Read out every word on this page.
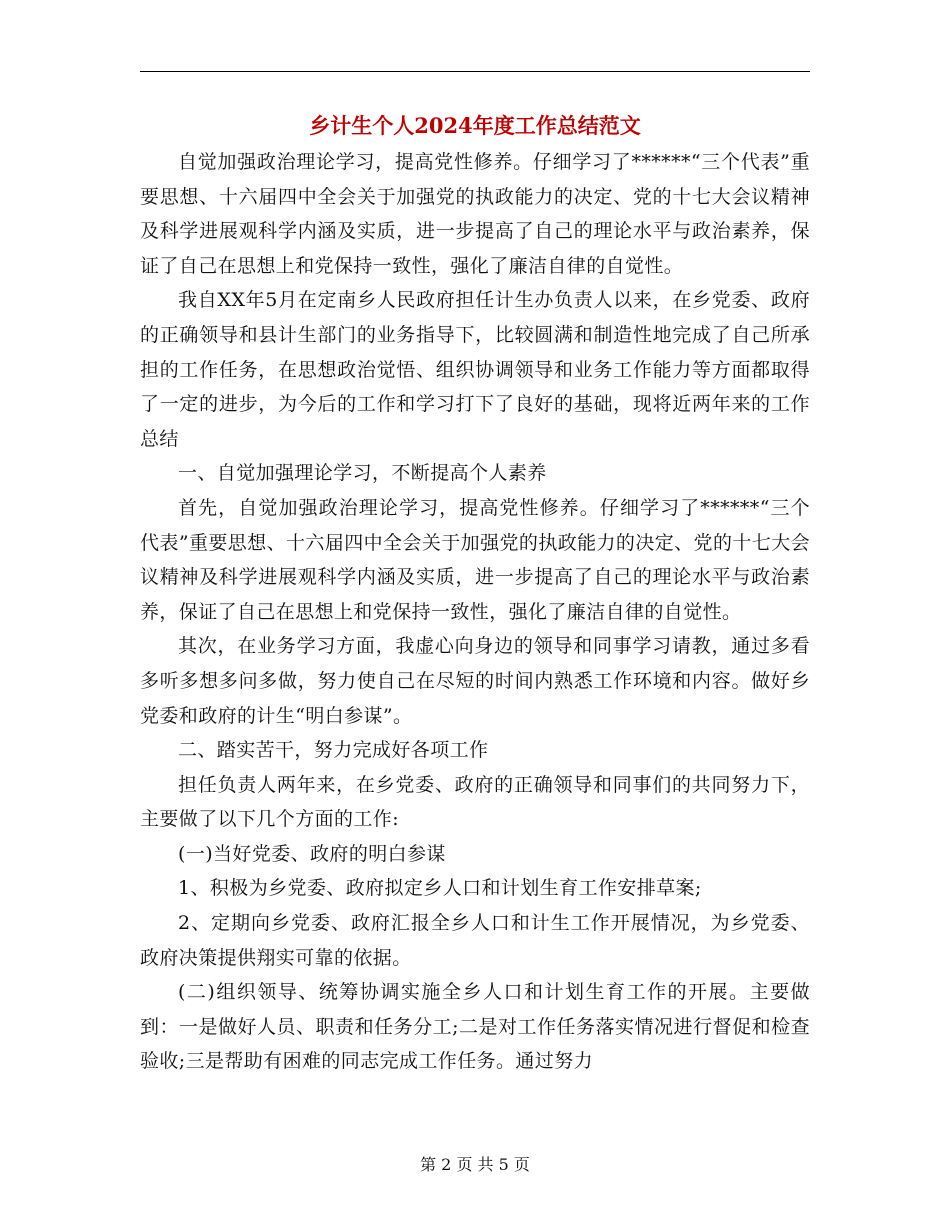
乡计生个人2024年度工作总结范文

自觉加强政治理论学习，提高党性修养。仔细学习了******“三个代表”重要思想、十六届四中全会关于加强党的执政能力的决定、党的十七大会议精神及科学进展观科学内涵及实质，进一步提高了自己的理论水平与政治素养，保证了自己在思想上和党保持一致性，强化了廉洁自律的自觉性。

我自XX年5月在定南乡人民政府担任计生办负责人以来，在乡党委、政府的正确领导和县计生部门的业务指导下，比较圆满和制造性地完成了自己所承担的工作任务，在思想政治觉悟、组织协调领导和业务工作能力等方面都取得了一定的进步，为今后的工作和学习打下了良好的基础，现将近两年来的工作总结

一、自觉加强理论学习，不断提高个人素养

首先，自觉加强政治理论学习，提高党性修养。仔细学习了******“三个代表”重要思想、十六届四中全会关于加强党的执政能力的决定、党的十七大会议精神及科学进展观科学内涵及实质，进一步提高了自己的理论水平与政治素养，保证了自己在思想上和党保持一致性，强化了廉洁自律的自觉性。

其次，在业务学习方面，我虚心向身边的领导和同事学习请教，通过多看多听多想多问多做，努力使自己在尽短的时间内熟悉工作环境和内容。做好乡党委和政府的计生“明白参谋”。

二、踏实苦干，努力完成好各项工作

担任负责人两年来，在乡党委、政府的正确领导和同事们的共同努力下，主要做了以下几个方面的工作:

(一)当好党委、政府的明白参谋

1、积极为乡党委、政府拟定乡人口和计划生育工作安排草案;

2、定期向乡党委、政府汇报全乡人口和计生工作开展情况，为乡党委、政府决策提供翔实可靠的依据。

(二)组织领导、统筹协调实施全乡人口和计划生育工作的开展。主要做到：一是做好人员、职责和任务分工;二是对工作任务落实情况进行督促和检查验收;三是帮助有困难的同志完成工作任务。通过努力

第 2 页 共 5 页
